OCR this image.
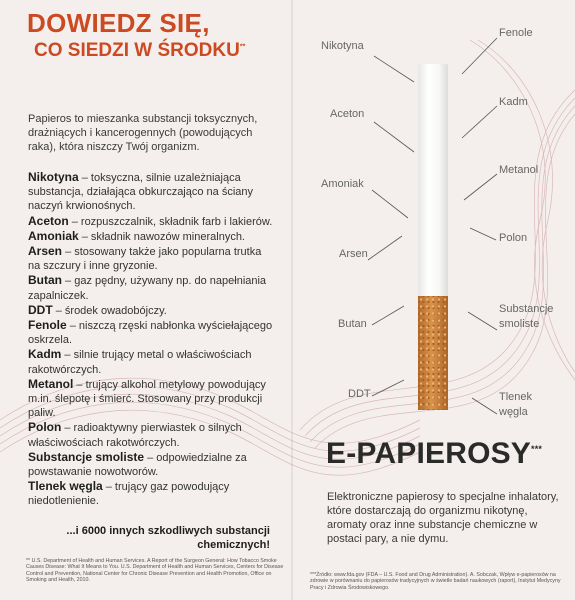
DOWIEDZ SIĘ,
CO SIEDZI W ŚRODKU**
Papieros to mieszanka substancji toksycznych, drażniących i kancerogennych (powodujących raka), która niszczy Twój organizm.

Nikotyna – toksyczna, silnie uzależniająca substancja, działająca obkurczająco na ściany naczyń krwionośnych.

Aceton – rozpuszczalnik, składnik farb i lakierów.

Amoniak – składnik nawozów mineralnych.

Arsen – stosowany także jako popularna trutka na szczury i inne gryzonie.

Butan – gaz pędny, używany np. do napełniania zapalniczek.

DDT – środek owadobójczy.

Fenole – niszczą rzęski nabłonka wyściełającego oskrzela.

Kadm – silnie trujący metal o właściwościach rakotwórczych.

Metanol – trujący alkohol metylowy powodujący m.in. ślepotę i śmierć. Stosowany przy produkcji paliw.

Polon – radioaktywny pierwiastek o silnych właściwościach rakotwórczych.

Substancje smoliste – odpowiedzialne za powstawanie nowotworów.

Tlenek węgla – trujący gaz powodujący niedotlenienie.

...i 6000 innych szkodliwych substancji chemicznych!
** U.S. Department of Health and Human Services. A Report of the Surgeon General: How Tobacco Smoke Causes Disease: What It Means to You. U.S. Department of Health and Human Services, Centers for Disease Control and Prevention, National Center for Chronic Disease Prevention and Health Promotion, Office on Smoking and Health, 2010.
Nikotyna
Aceton
Amoniak
Arsen
Butan
DDT
Fenole
Kadm
Metanol
Polon
Substancje
smoliste
Tlenek
węgla
E-PAPIEROSY***
Elektroniczne papierosy to specjalne inhalatory, które dostarczają do organizmu nikotynę, aromaty oraz inne substancje chemiczne w postaci pary, a nie dymu.
***Źródło: www.fda.gov (FDA – U.S. Food and Drug Administration). A. Sobczak, Wpływ e-papierosów na zdrowie w porównaniu do papierosów tradycyjnych w świetle badań naukowych (raport), Instytut Medycyny Pracy i Zdrowia Środowiskowego.
